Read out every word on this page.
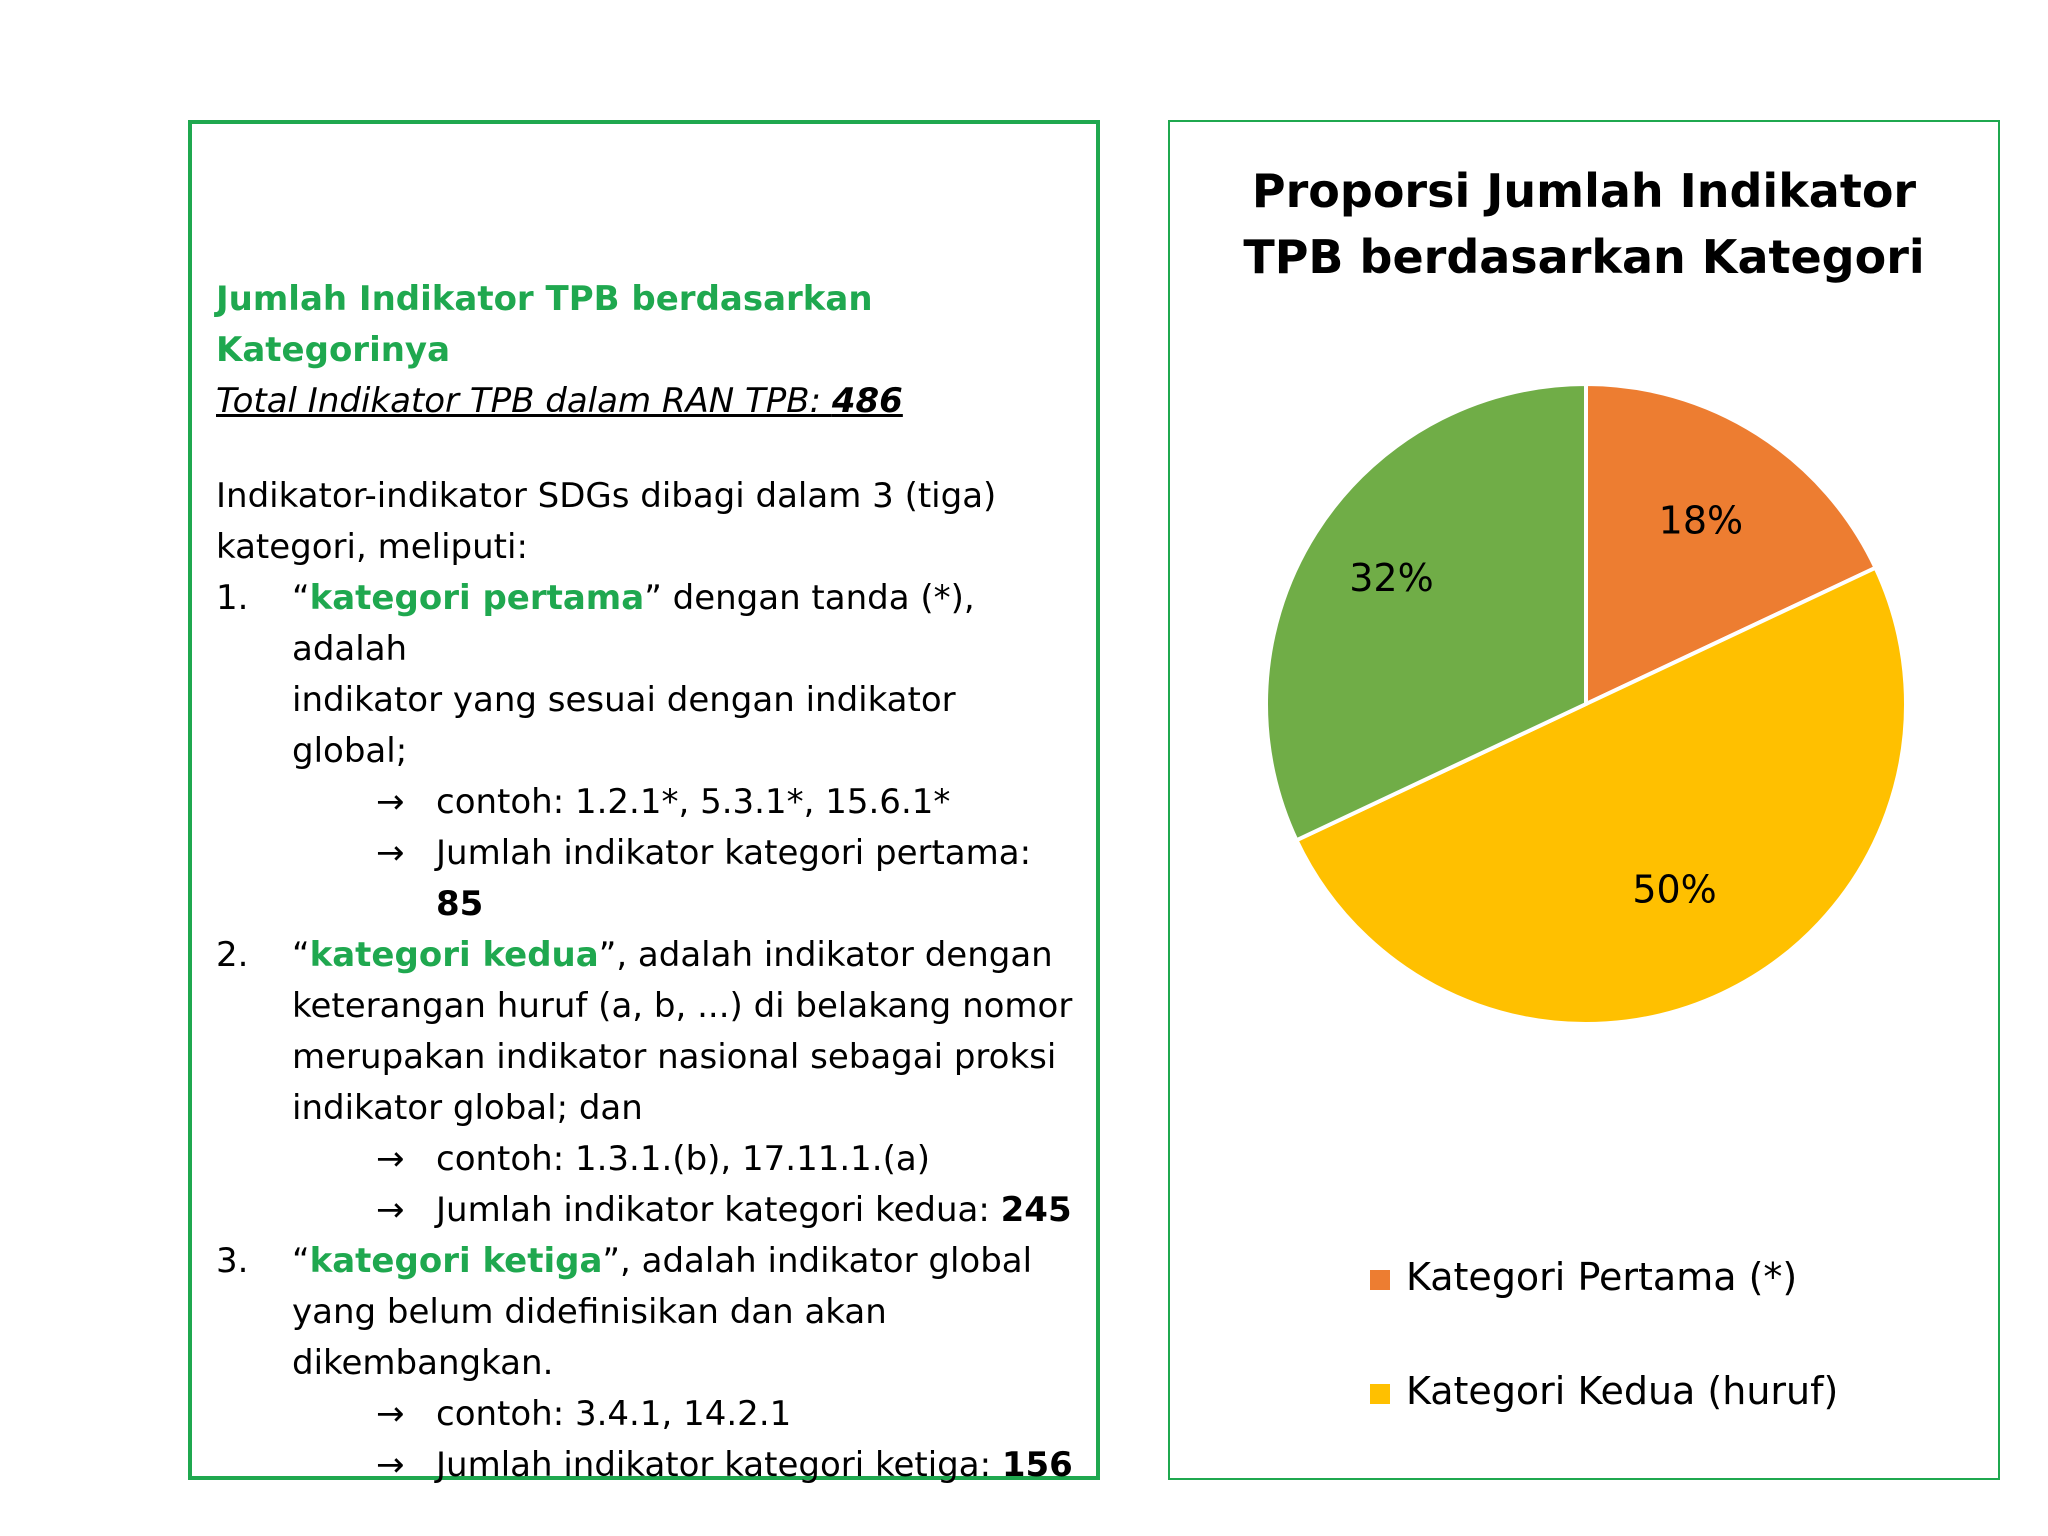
Jumlah Indikator TPB berdasarkan Kategorinya
Total Indikator TPB dalam RAN TPB: 486
Indikator-indikator SDGs dibagi dalam 3 (tiga)
kategori, meliputi:
1. “kategori pertama” dengan tanda (*), adalah
indikator yang sesuai dengan indikator global;
→ contoh: 1.2.1*, 5.3.1*, 15.6.1*
→ Jumlah indikator kategori pertama:
85
2. “kategori kedua”, adalah indikator dengan
keterangan huruf (a, b, ...) di belakang nomor
merupakan indikator nasional sebagai proksi
indikator global; dan
→ contoh: 1.3.1.(b), 17.11.1.(a)
→ Jumlah indikator kategori kedua: 245
3. “kategori ketiga”, adalah indikator global
yang belum didefinisikan dan akan
dikembangkan.
→ contoh: 3.4.1, 14.2.1
→ Jumlah indikator kategori ketiga: 156
Proporsi Jumlah Indikator
TPB berdasarkan Kategori
18%
50%
32%
Kategori Pertama (*)
Kategori Kedua (huruf)
